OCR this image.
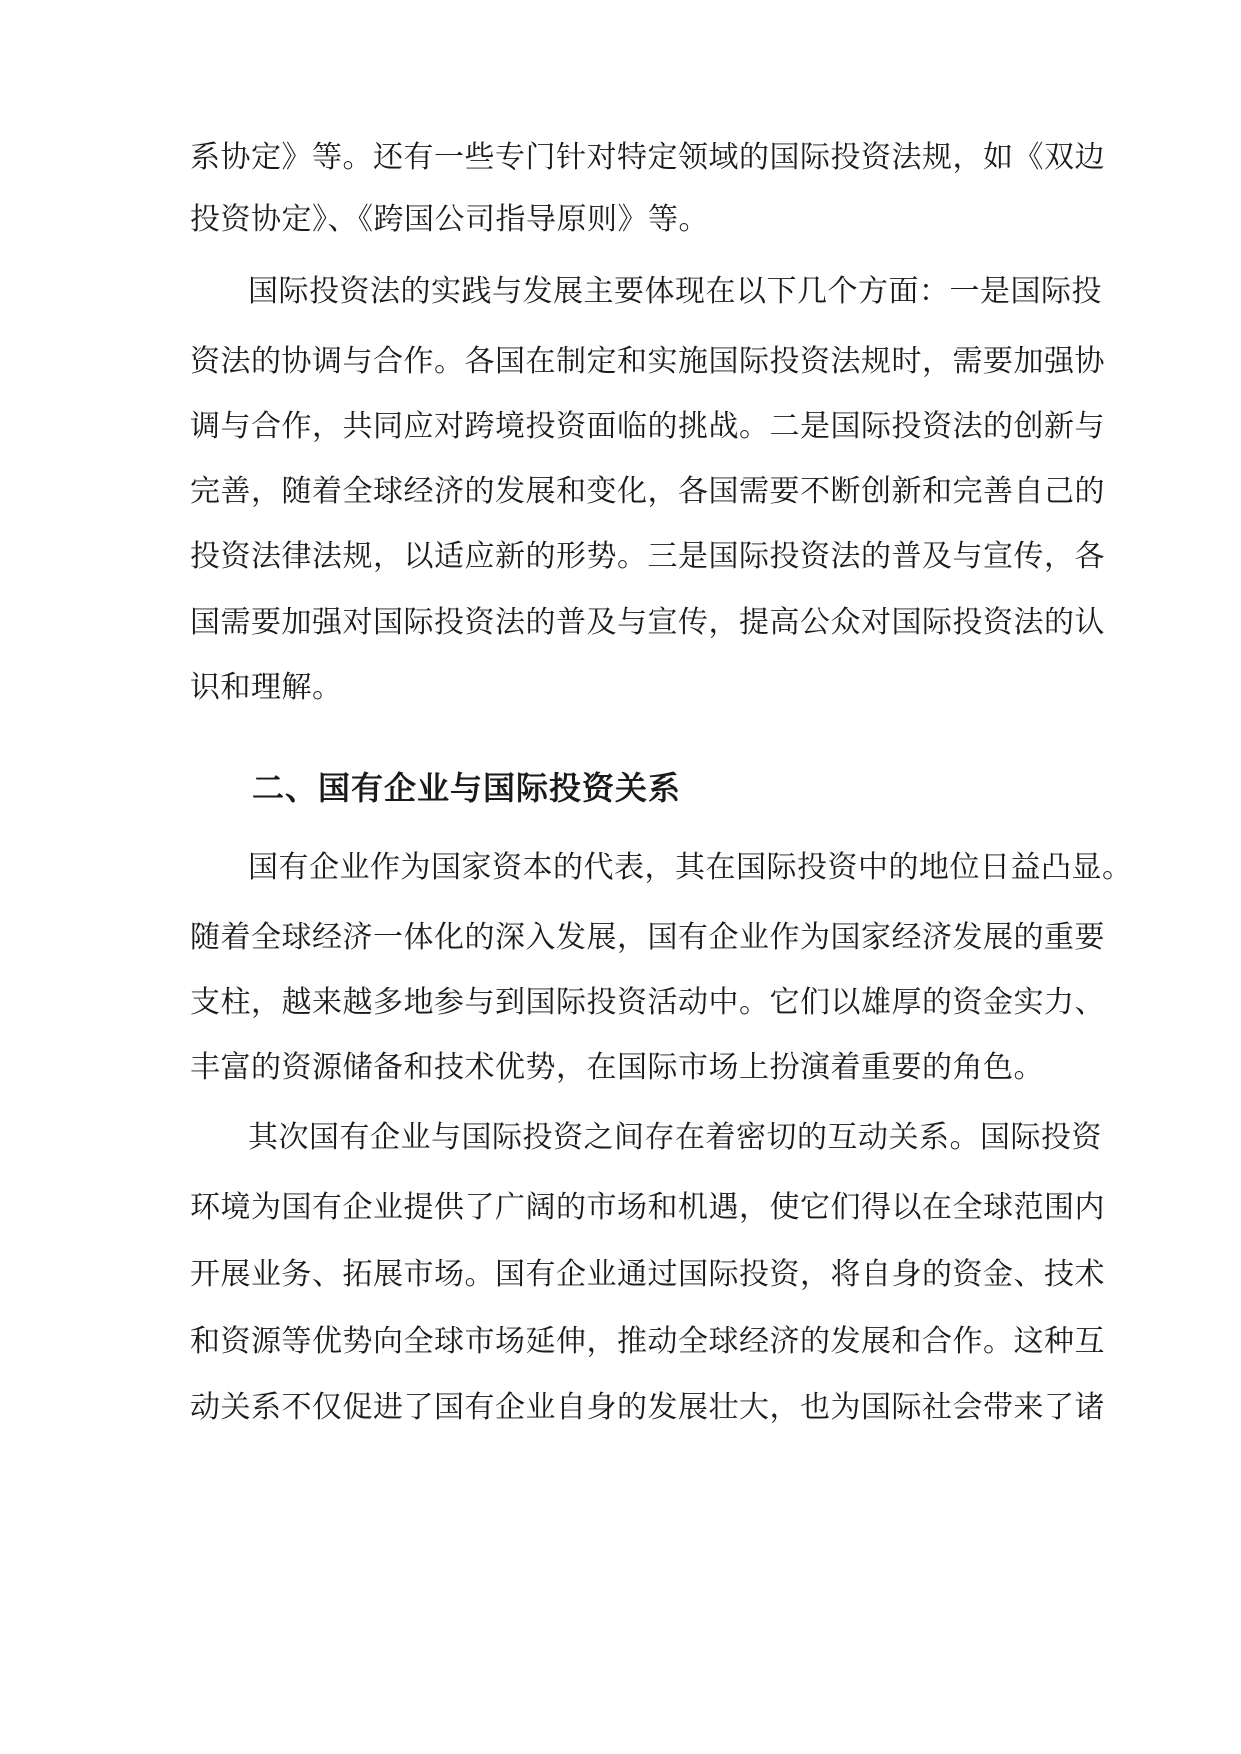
系协定》等。还有一些专门针对特定领域的国际投资法规，如《双边
投资协定》、《跨国公司指导原则》等。
国际投资法的实践与发展主要体现在以下几个方面：一是国际投
资法的协调与合作。各国在制定和实施国际投资法规时，需要加强协
调与合作，共同应对跨境投资面临的挑战。二是国际投资法的创新与
完善，随着全球经济的发展和变化，各国需要不断创新和完善自己的
投资法律法规，以适应新的形势。三是国际投资法的普及与宣传，各
国需要加强对国际投资法的普及与宣传，提高公众对国际投资法的认
识和理解。
二、国有企业与国际投资关系
国有企业作为国家资本的代表，其在国际投资中的地位日益凸显。
随着全球经济一体化的深入发展，国有企业作为国家经济发展的重要
支柱，越来越多地参与到国际投资活动中。它们以雄厚的资金实力、
丰富的资源储备和技术优势，在国际市场上扮演着重要的角色。
其次国有企业与国际投资之间存在着密切的互动关系。国际投资
环境为国有企业提供了广阔的市场和机遇，使它们得以在全球范围内
开展业务、拓展市场。国有企业通过国际投资，将自身的资金、技术
和资源等优势向全球市场延伸，推动全球经济的发展和合作。这种互
动关系不仅促进了国有企业自身的发展壮大，也为国际社会带来了诸
